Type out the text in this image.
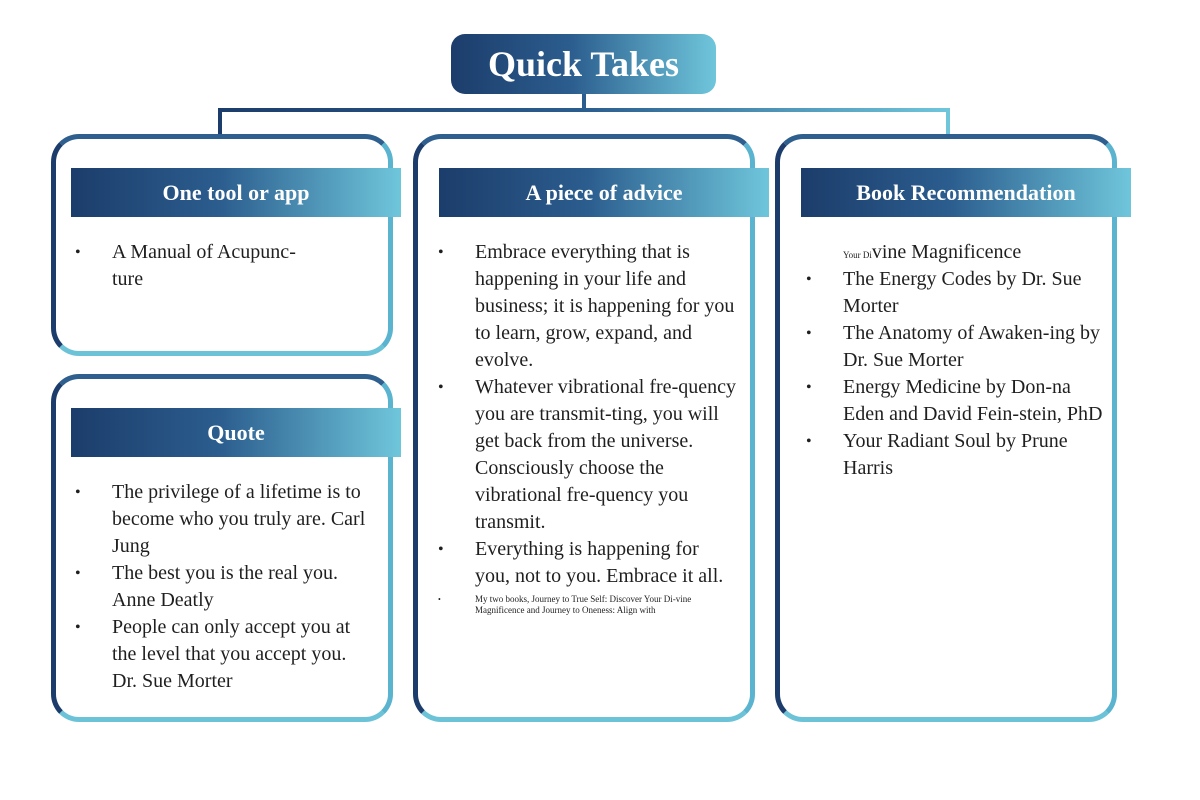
Quick Takes
One tool or app
• A Manual of Acupunc-ture
Quote
• The privilege of a lifetime is to become who you truly are. Carl Jung
• The best you is the real you. Anne Deatly
• People can only accept you at the level that you accept you. Dr. Sue Morter
A piece of advice
• Embrace everything that is happening in your life and business; it is happening for you to learn, grow, expand, and evolve.
• Whatever vibrational fre-quency you are transmit-ting, you will get back from the universe. Consciously choose the vibrational fre-quency you transmit.
• Everything is happening for you, not to you. Embrace it all.
• My two books, Journey to True Self: Discover Your Di-vine Magnificence and Journey to Oneness: Align with
Book Recommendation
Your Divine Magnificence
• The Energy Codes by Dr. Sue Morter
• The Anatomy of Awaken-ing by Dr. Sue Morter
• Energy Medicine by Don-na Eden and David Fein-stein, PhD
• Your Radiant Soul by Prune Harris
